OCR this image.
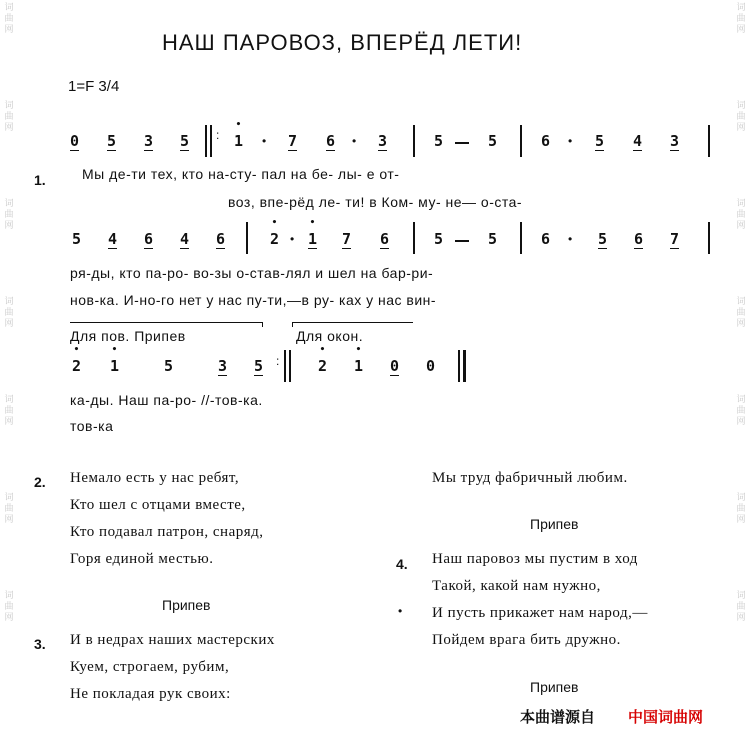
词
曲
网
词
曲
网
词
曲
网
词
曲
网
词
曲
网
词
曲
网
词
曲
网
词
曲
网
词
曲
网
词
曲
网
词
曲
网
词
曲
网
词
曲
网
词
曲
网
НАШ ПАРОВОЗ, ВПЕРЁД ЛЕТИ!
1=F 3/4
0 5 3 5 : • 1 • 7 6 • 3	5	5	6 • 5 4 3
1.	Мы де-ти тех, кто на-сту- пал на бе- лы- е от-
воз, впе-рёд ле- ти! в Ком- му- не— о-ста-
5 4 6 4 6	• 2 • • 1 7 6	5	5	6 • 5 6 7
ря-ды, кто па-ро- во-зы о-став-лял и шел на бар-ри-
нов-ка. И-но-го нет у нас пу-ти,—в ру- ках у нас вин-
Для пов. Припев	Для окон.
• 2 • 1	5	3 5 :	• 2 • 1 0 0
ка-ды. Наш па-ро- //-тов-ка.
тов-ка
2. Немало есть у нас ребят,
Кто шел с отцами вместе,
Кто подавал патрон, снаряд,
Горя единой местью.
Припев
3. И в недрах наших мастерских
Куем, строгаем, рубим,
Не покладая рук своих:
Мы труд фабричный любим.
Припев
4. Наш паровоз мы пустим в ход
Такой, какой нам нужно,
И пусть прикажет нам народ,—
Пойдем врага бить дружно.
•
Припев
本曲谱源自 中国词曲网
